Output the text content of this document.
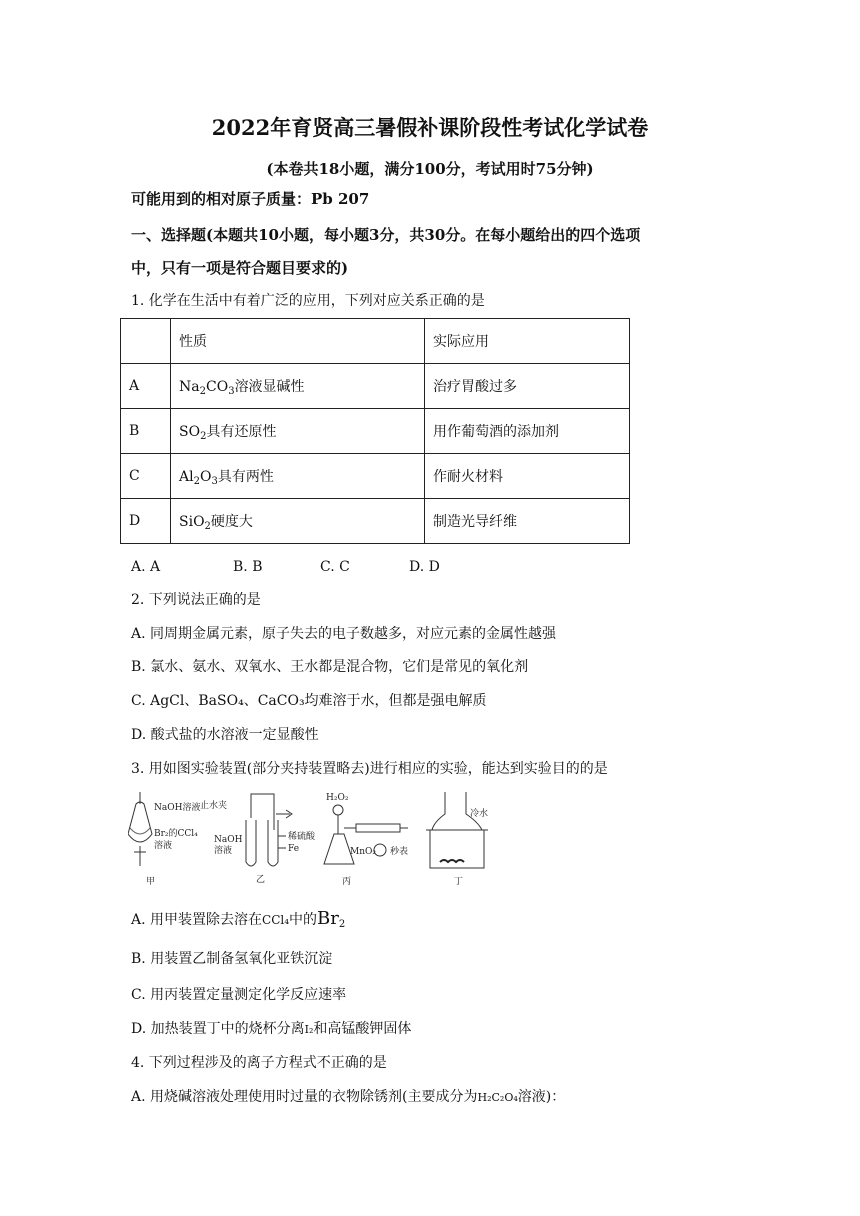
2022年育贤高三暑假补课阶段性考试化学试卷
(本卷共18小题，满分100分，考试用时75分钟)
可能用到的相对原子质量：Pb 207
一、选择题(本题共10小题，每小题3分，共30分。在每小题给出的四个选项
中，只有一项是符合题目要求的)
1. 化学在生活中有着广泛的应用，下列对应关系正确的是
	性质	实际应用
A	$Na_2CO_3$溶液显碱性	治疗胃酸过多
B	$SO_2$具有还原性	用作葡萄酒的添加剂
C	$Al_2O_3$具有两性	作耐火材料
D	SiO$_2$硬度大	制造光导纤维
A. A	B. B	C. C	D. D
2. 下列说法正确的是
A. 同周期金属元素，原子失去的电子数越多，对应元素的金属性越强
B. 氯水、氨水、双氧水、王水都是混合物，它们是常见的氧化剂
C. AgCl、BaSO₄、CaCO₃均难溶于水，但都是强电解质
D. 酸式盐的水溶液一定显酸性
3. 用如图实验装置(部分夹持装置略去)进行相应的实验，能达到实验目的的是
NaOH溶液
Br₂的CCl₄
溶液
甲
止水夹
NaOH
溶液
稀硫酸
Fe
乙
H₂O₂
MnO₂ 秒表
丙
冷水
丁
A. 用甲装置除去溶在CCl₄中的$Br_2$
B. 用装置乙制备氢氧化亚铁沉淀
C. 用丙装置定量测定化学反应速率
D. 加热装置丁中的烧杯分离I₂和高锰酸钾固体
4. 下列过程涉及的离子方程式不正确的是
A. 用烧碱溶液处理使用时过量的衣物除锈剂(主要成分为H₂C₂O₄溶液)：
